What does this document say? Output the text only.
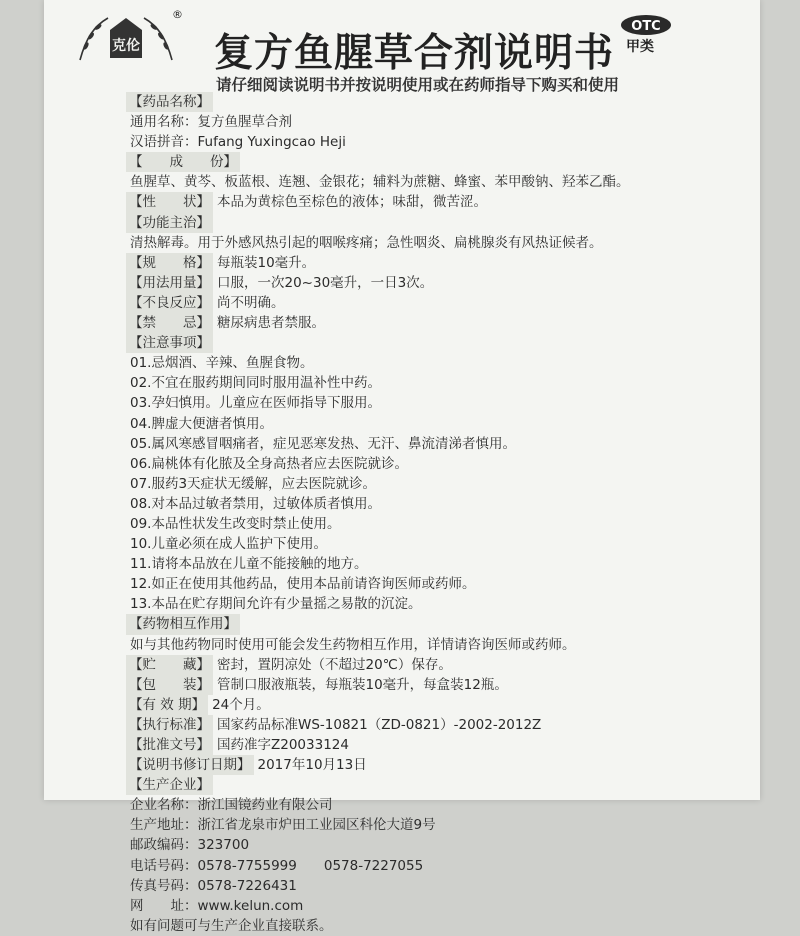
克伦
®
复方鱼腥草合剂说明书
OTC
甲类
请仔细阅读说明书并按说明使用或在药师指导下购买和使用
【药品名称】
通用名称：复方鱼腥草合剂
汉语拼音：Fufang Yuxingcao Heji
【　　成　　份】
鱼腥草、黄芩、板蓝根、连翘、金银花；辅料为蔗糖、蜂蜜、苯甲酸钠、羟苯乙酯。
【性　　状】 本品为黄棕色至棕色的液体；味甜，微苦涩。
【功能主治】
清热解毒。用于外感风热引起的咽喉疼痛；急性咽炎、扁桃腺炎有风热证候者。
【规　　格】 每瓶装10毫升。
【用法用量】 口服，一次20~30毫升，一日3次。
【不良反应】 尚不明确。
【禁　　忌】 糖尿病患者禁服。
【注意事项】
01.忌烟酒、辛辣、鱼腥食物。
02.不宜在服药期间同时服用温补性中药。
03.孕妇慎用。儿童应在医师指导下服用。
04.脾虚大便溏者慎用。
05.属风寒感冒咽痛者，症见恶寒发热、无汗、鼻流清涕者慎用。
06.扁桃体有化脓及全身高热者应去医院就诊。
07.服药3天症状无缓解，应去医院就诊。
08.对本品过敏者禁用，过敏体质者慎用。
09.本品性状发生改变时禁止使用。
10.儿童必须在成人监护下使用。
11.请将本品放在儿童不能接触的地方。
12.如正在使用其他药品，使用本品前请咨询医师或药师。
13.本品在贮存期间允许有少量摇之易散的沉淀。
【药物相互作用】
如与其他药物同时使用可能会发生药物相互作用，详情请咨询医师或药师。
【贮　　藏】 密封，置阴凉处（不超过20℃）保存。
【包　　装】 管制口服液瓶装，每瓶装10毫升，每盒装12瓶。
【有 效 期】 24个月。
【执行标准】 国家药品标准WS-10821（ZD-0821）-2002-2012Z
【批准文号】 国药准字Z20033124
【说明书修订日期】 2017年10月13日
【生产企业】
企业名称：浙江国镜药业有限公司
生产地址：浙江省龙泉市炉田工业园区科伦大道9号
邮政编码：323700
电话号码：0578-7755999　　0578-7227055
传真号码：0578-7226431
网　　址：www.kelun.com
如有问题可与生产企业直接联系。
